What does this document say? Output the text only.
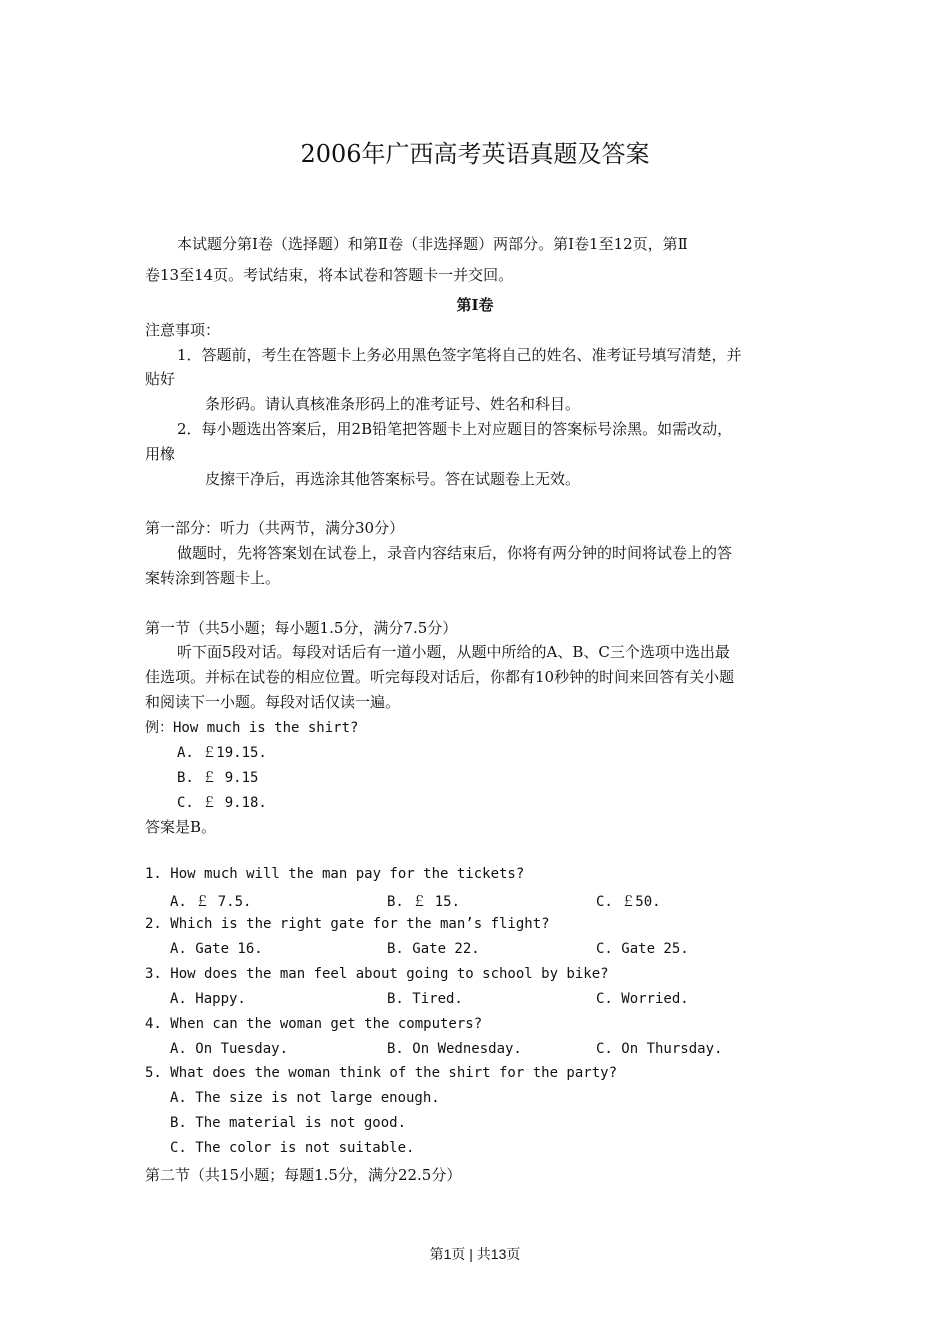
2006年广西高考英语真题及答案
本试题分第Ⅰ卷（选择题）和第Ⅱ卷（非选择题）两部分。第Ⅰ卷1至12页，第Ⅱ
卷13至14页。考试结束，将本试卷和答题卡一并交回。
第Ⅰ卷
注意事项：
1．答题前，考生在答题卡上务必用黑色签字笔将自己的姓名、准考证号填写清楚，并
贴好
条形码。请认真核准条形码上的准考证号、姓名和科目。
2．每小题选出答案后，用2B铅笔把答题卡上对应题目的答案标号涂黑。如需改动，
用橡
皮擦干净后，再选涂其他答案标号。答在试题卷上无效。
第一部分：听力（共两节，满分30分）
做题时，先将答案划在试卷上，录音内容结束后，你将有两分钟的时间将试卷上的答
案转涂到答题卡上。
第一节（共5小题；每小题1.5分，满分7.5分）
听下面5段对话。每段对话后有一道小题，从题中所给的A、B、C三个选项中选出最
佳选项。并标在试卷的相应位置。听完每段对话后，你都有10秒钟的时间来回答有关小题
和阅读下一小题。每段对话仅读一遍。
例：How much is the shirt?
A. ￡19.15.
B. ￡ 9.15
C. ￡ 9.18.
答案是B。
1. How much will the man pay for the tickets?
A. ￡ 7.5.	B. ￡ 15.	C. ￡50.
2. Which is the right gate for the man’s flight?
A. Gate 16.	B. Gate 22.	C. Gate 25.
3. How does the man feel about going to school by bike?
A. Happy.	B. Tired.	C. Worried.
4. When can the woman get the computers?
A. On Tuesday.	B. On Wednesday.	C. On Thursday.
5. What does the woman think of the shirt for the party?
A. The size is not large enough.
B. The material is not good.
C. The color is not suitable.
第二节（共15小题；每题1.5分，满分22.5分）
第1页 | 共13页
